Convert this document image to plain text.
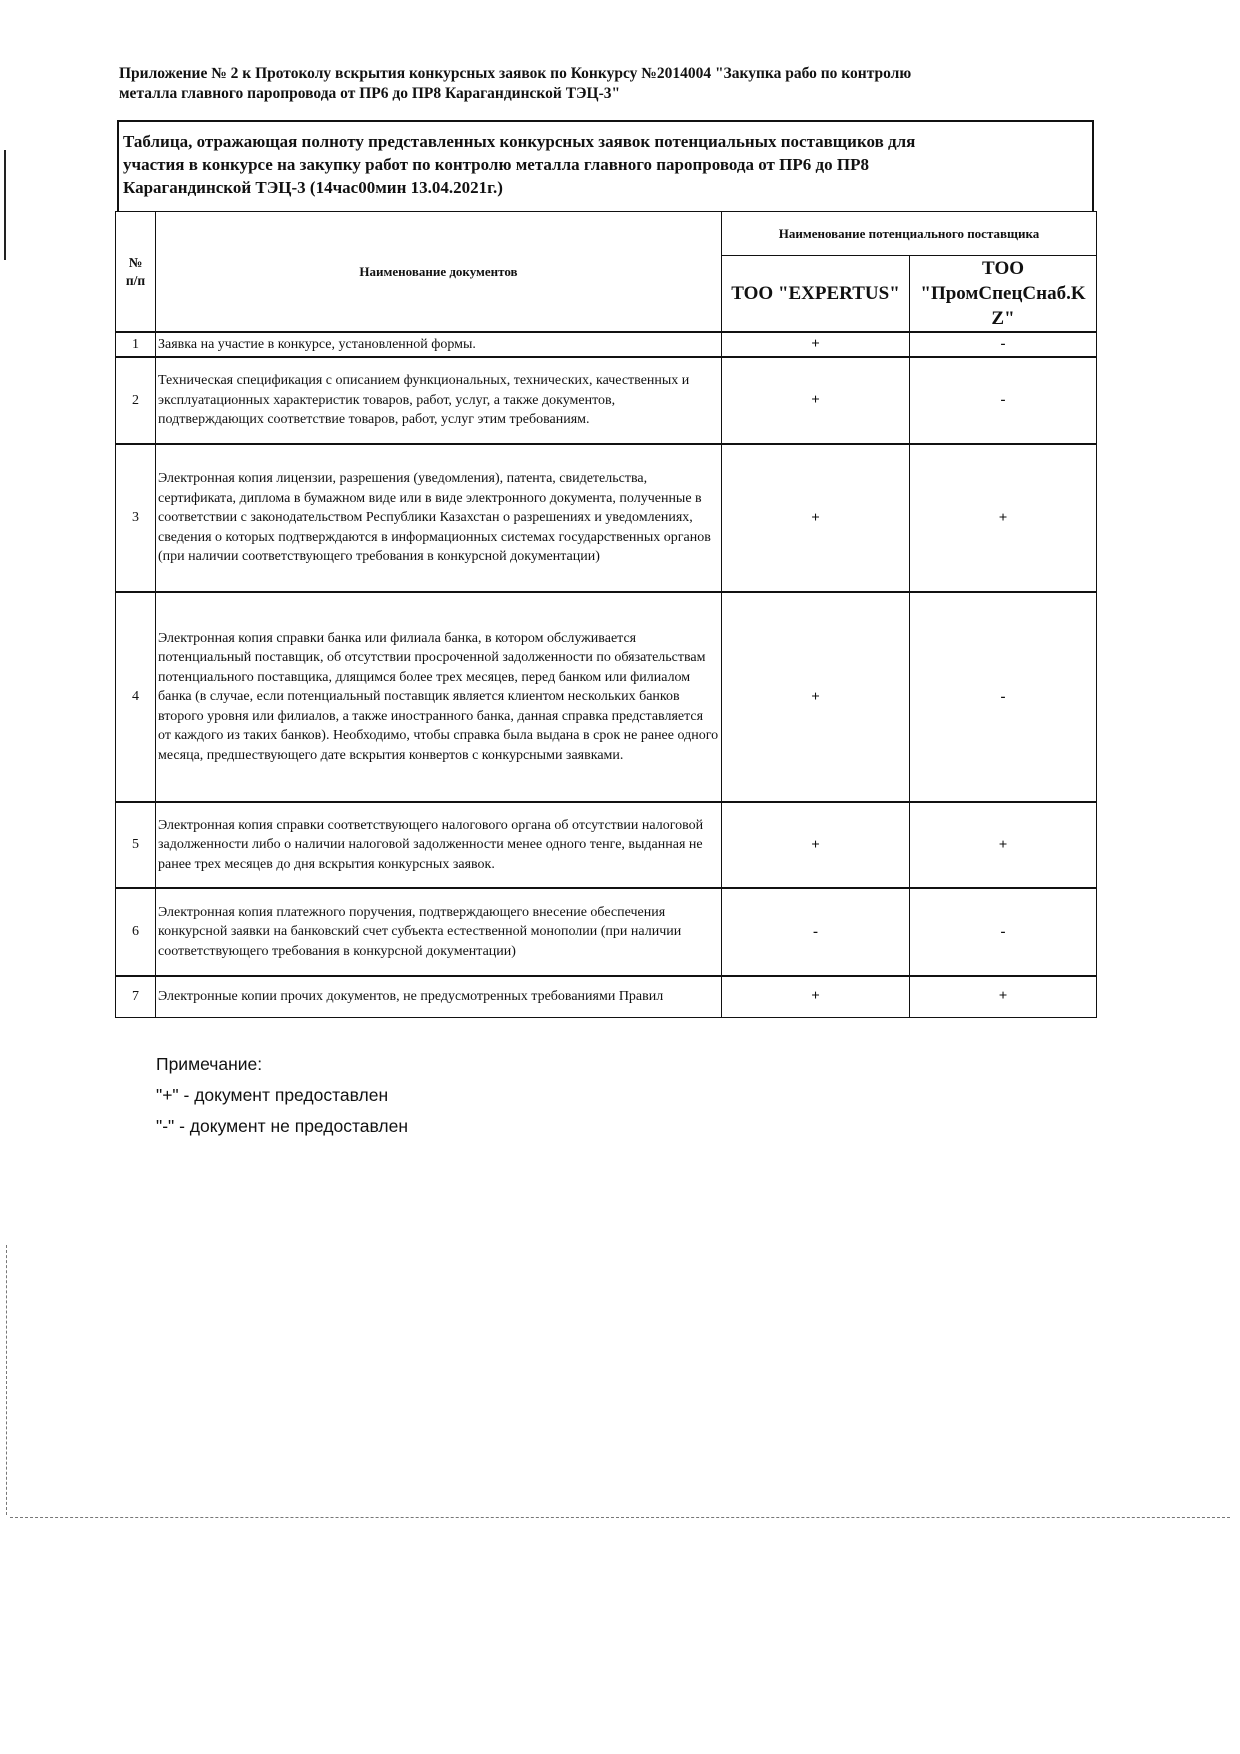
Приложение № 2 к Протоколу вскрытия конкурсных заявок по Конкурсу №2014004 "Закупка рабо по контролю
металла главного паропровода от ПР6 до ПР8 Карагандинской ТЭЦ-3"
Таблица, отражающая полноту представленных конкурсных заявок потенциальных поставщиков для
участия в конкурсе на закупку работ по контролю металла главного паропровода от ПР6 до ПР8
Карагандинской ТЭЦ-3 (14час00мин 13.04.2021г.)
№
п/п	Наименование документов	Наименование потенциального поставщика	
		ТОО "EXPERTUS"	ТОО
"ПромСпецСнаб.K
Z"

1	Заявка на участие в конкурсе, установленной формы.	+	-
2	Техническая спецификация с описанием функциональных, технических, качественных и эксплуатационных характеристик товаров, работ, услуг, а также документов, подтверждающих соответствие товаров, работ, услуг этим требованиям.	+	-
3	Электронная копия лицензии, разрешения (уведомления), патента, свидетельства, сертификата, диплома в бумажном виде или в виде электронного документа, полученные в соответствии с законодательством Республики Казахстан о разрешениях и уведомлениях, сведения о которых подтверждаются в информационных системах государственных органов (при наличии соответствующего требования в конкурсной документации)	+	+
4	Электронная копия справки банка или филиала банка, в котором обслуживается потенциальный поставщик, об отсутствии просроченной задолженности по обязательствам потенциального поставщика, длящимся более трех месяцев, перед банком или филиалом банка (в случае, если потенциальный поставщик является клиентом нескольких банков второго уровня или филиалов, а также иностранного банка, данная справка представляется от каждого из таких банков). Необходимо, чтобы справка была выдана в срок не ранее одного месяца, предшествующего дате вскрытия конвертов с конкурсными заявками.	+	-
5	Электронная копия справки соответствующего налогового органа об отсутствии налоговой задолженности либо о наличии налоговой задолженности менее одного тенге, выданная не ранее трех месяцев до дня вскрытия конкурсных заявок.	+	+
6	Электронная копия платежного поручения, подтверждающего внесение обеспечения конкурсной заявки на банковский счет субъекта естественной монополии (при наличии соответствующего требования в конкурсной документации)	-	-
7	Электронные копии прочих документов, не предусмотренных требованиями Правил	+	+
Примечание:
"+" - документ предоставлен
"-" - документ не предоставлен
